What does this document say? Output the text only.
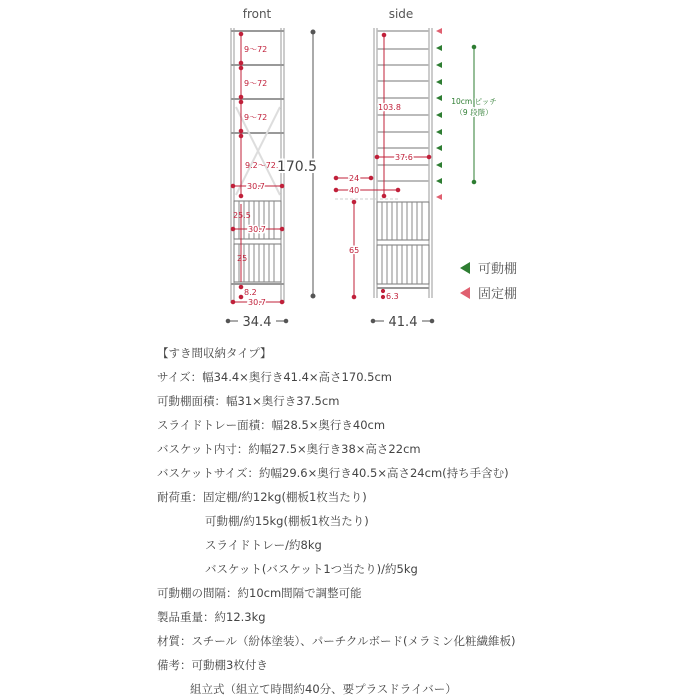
front
9～72
9～72
9～72
9.2～72.3
30.7
25.5
30.7
25
8.2
30.7
170.5
34.4
side
10cm ピッチ
（9 段階）
103.8
37.6
24
40
65
6.3
41.4
可動棚
固定棚
【すき間収納タイプ】
サイズ：幅34.4×奥行き41.4×高さ170.5cm
可動棚面積：幅31×奥行き37.5cm
スライドトレー面積：幅28.5×奥行き40cm
バスケット内寸：約幅27.5×奥行き38×高さ22cm
バスケットサイズ：約幅29.6×奥行き40.5×高さ24cm(持ち手含む)
耐荷重：固定棚/約12kg(棚板1枚当たり)
可動棚/約15kg(棚板1枚当たり)
スライドトレー/約8kg
バスケット(バスケット1つ当たり)/約5kg
可動棚の間隔：約10cm間隔で調整可能
製品重量：約12.3kg
材質：スチール（紛体塗装）、パーチクルボード(メラミン化粧繊維板)
備考：可動棚3枚付き
組立式（組立て時間約40分、要プラスドライバー）
